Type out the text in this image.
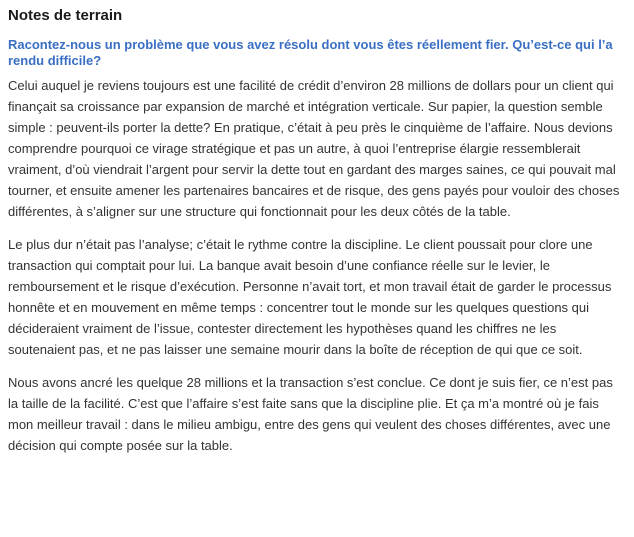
Notes de terrain
Racontez-nous un problème que vous avez résolu dont vous êtes réellement fier. Qu’est-ce qui l’a rendu difficile?

Celui auquel je reviens toujours est une facilité de crédit d’environ 28 millions de dollars pour un client qui finançait sa croissance par expansion de marché et intégration verticale. Sur papier, la question semble simple : peuvent-ils porter la dette? En pratique, c’était à peu près le cinquième de l’affaire. Nous devions comprendre pourquoi ce virage stratégique et pas un autre, à quoi l’entreprise élargie ressemblerait vraiment, d’où viendrait l’argent pour servir la dette tout en gardant des marges saines, ce qui pouvait mal tourner, et ensuite amener les partenaires bancaires et de risque, des gens payés pour vouloir des choses différentes, à s’aligner sur une structure qui fonctionnait pour les deux côtés de la table.

Le plus dur n’était pas l’analyse; c’était le rythme contre la discipline. Le client poussait pour clore une transaction qui comptait pour lui. La banque avait besoin d’une confiance réelle sur le levier, le remboursement et le risque d’exécution. Personne n’avait tort, et mon travail était de garder le processus honnête et en mouvement en même temps : concentrer tout le monde sur les quelques questions qui décideraient vraiment de l’issue, contester directement les hypothèses quand les chiffres ne les soutenaient pas, et ne pas laisser une semaine mourir dans la boîte de réception de qui que ce soit.

Nous avons ancré les quelque 28 millions et la transaction s’est conclue. Ce dont je suis fier, ce n’est pas la taille de la facilité. C’est que l’affaire s’est faite sans que la discipline plie. Et ça m’a montré où je fais mon meilleur travail : dans le milieu ambigu, entre des gens qui veulent des choses différentes, avec une décision qui compte posée sur la table.
